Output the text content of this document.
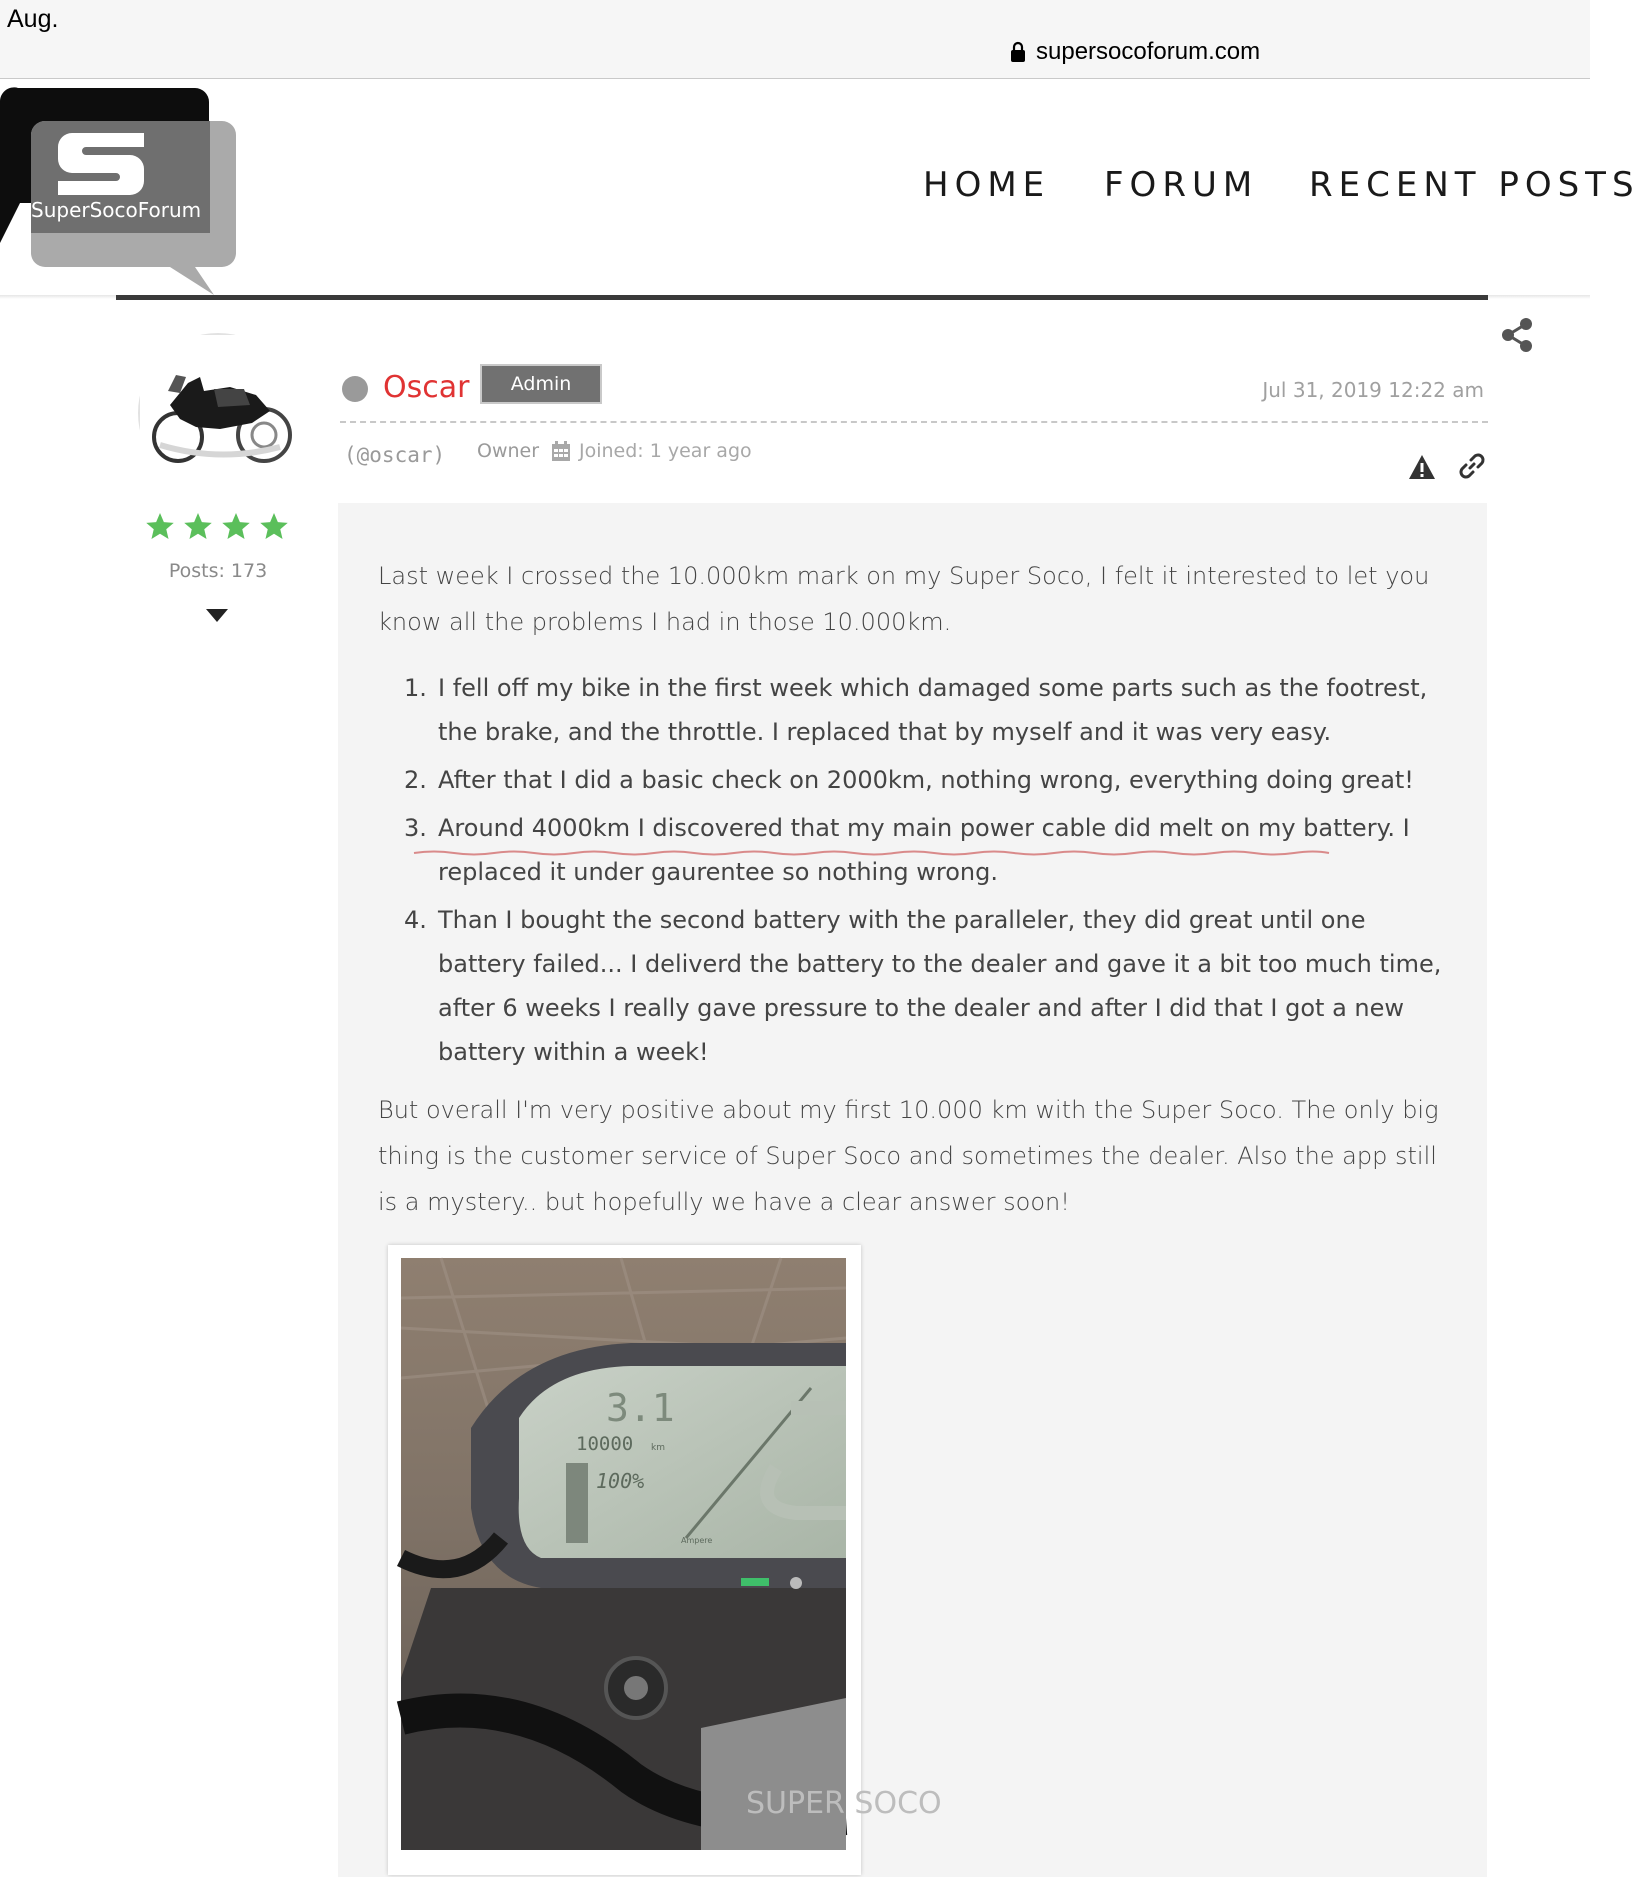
Aug.
supersocoforum.com
SuperSocoForum
HOME FORUM RECENT POSTS
Posts: 173
Oscar	Admin	Jul 31, 2019 12:22 am
(@oscar) Owner Joined: 1 year ago

Last week I crossed the 10.000km mark on my Super Soco, I felt it interested to let you know all the problems I had in those 10.000km.

1. I fell off my bike in the first week which damaged some parts such as the footrest, the brake, and the throttle. I replaced that by myself and it was very easy.
2. After that I did a basic check on 2000km, nothing wrong, everything doing great!
3. Around 4000km I discovered that my main power cable did melt on my battery. I replaced it under gaurentee so nothing wrong.
4. Than I bought the second battery with the paralleler, they did great until one battery failed... I deliverd the battery to the dealer and gave it a bit too much time, after 6 weeks I really gave pressure to the dealer and after I did that I got a new battery within a week!

But overall I'm very positive about my first 10.000 km with the Super Soco. The only big thing is the customer service of Super Soco and sometimes the dealer. Also the app still is a mystery.. but hopefully we have a clear answer soon!

3.1
10000 km
100%
Ampere
SUPER SOCO
